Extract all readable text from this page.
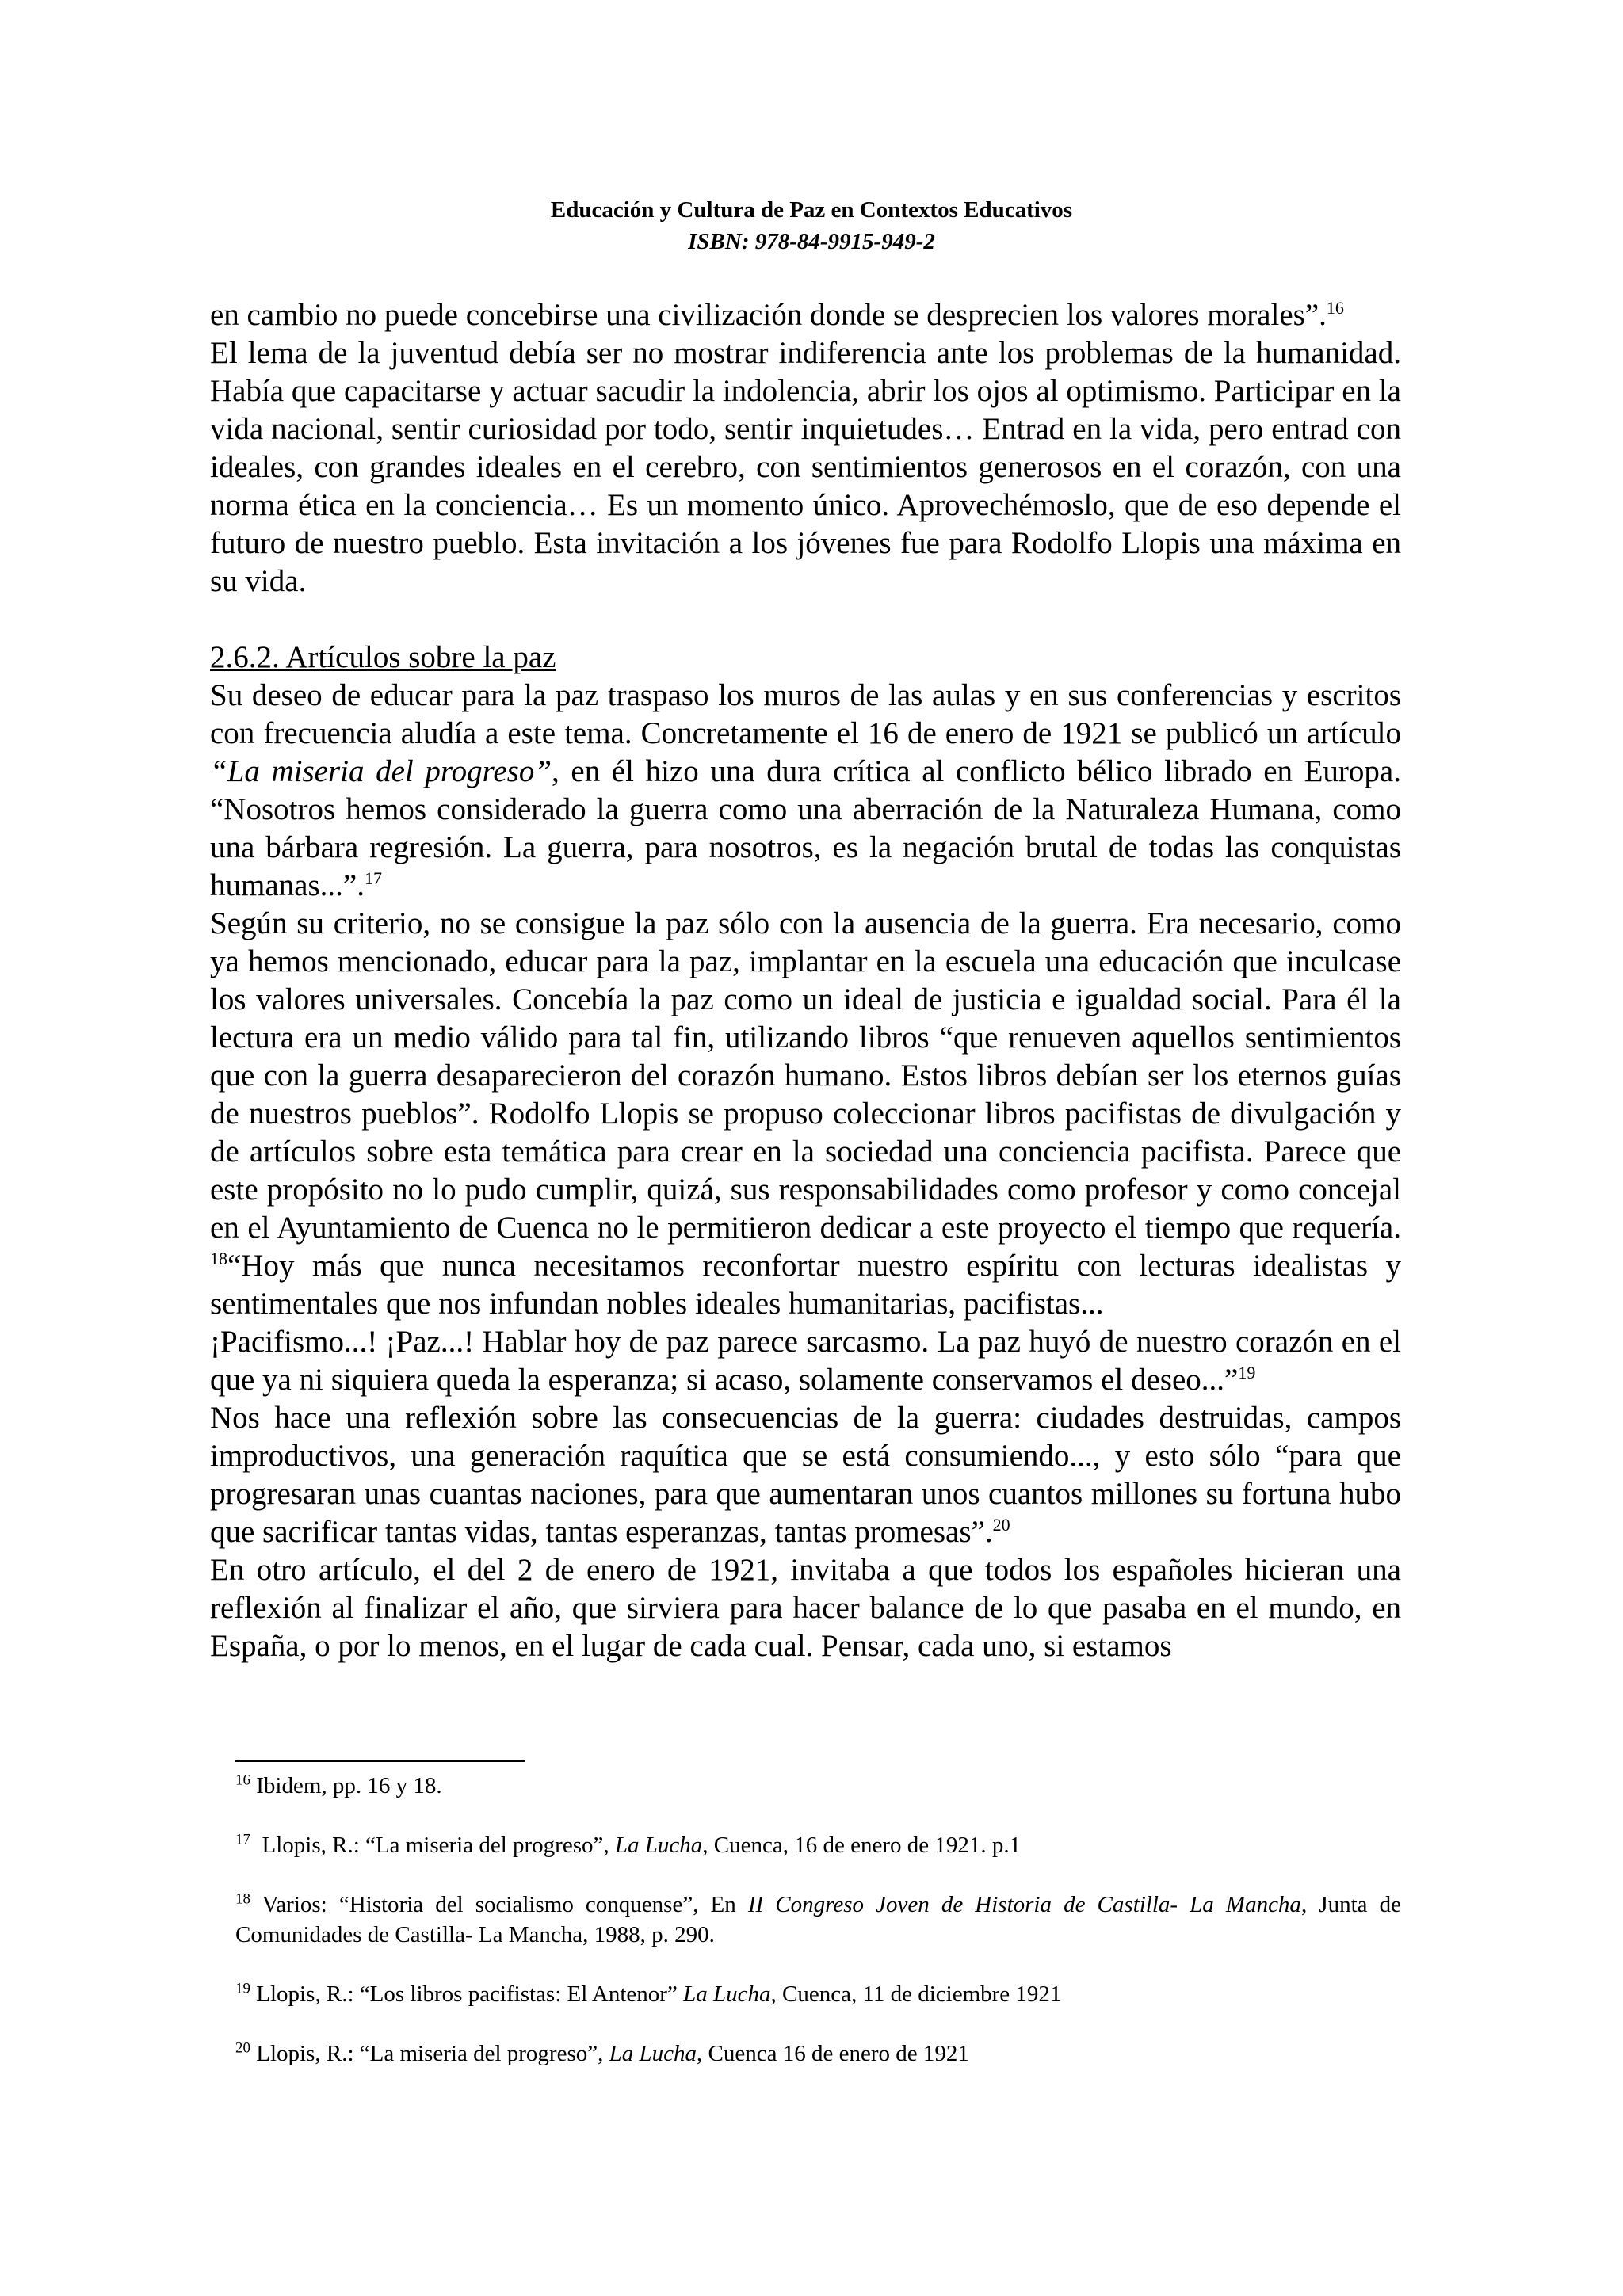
Educación y Cultura de Paz en Contextos Educativos
ISBN: 978-84-9915-949-2

en cambio no puede concebirse una civilización donde se desprecien los valores morales”.$^{16}$

El lema de la juventud debía ser no mostrar indiferencia ante los problemas de la humanidad. Había que capacitarse y actuar sacudir la indolencia, abrir los ojos al optimismo. Participar en la vida nacional, sentir curiosidad por todo, sentir inquietudes… Entrad en la vida, pero entrad con ideales, con grandes ideales en el cerebro, con sentimientos generosos en el corazón, con una norma ética en la conciencia… Es un momento único. Aprovechémoslo, que de eso depende el futuro de nuestro pueblo. Esta invitación a los jóvenes fue para Rodolfo Llopis una máxima en su vida.

2.6.2. Artículos sobre la paz

Su deseo de educar para la paz traspaso los muros de las aulas y en sus conferencias y escritos con frecuencia aludía a este tema. Concretamente el 16 de enero de 1921 se publicó un artículo “La miseria del progreso”, en él hizo una dura crítica al conflicto bélico librado en Europa. “Nosotros hemos considerado la guerra como una aberración de la Naturaleza Humana, como una bárbara regresión. La guerra, para nosotros, es la negación brutal de todas las conquistas humanas...”.$^{17}$

Según su criterio, no se consigue la paz sólo con la ausencia de la guerra. Era necesario, como ya hemos mencionado, educar para la paz, implantar en la escuela una educación que inculcase los valores universales. Concebía la paz como un ideal de justicia e igualdad social. Para él la lectura era un medio válido para tal fin, utilizando libros “que renueven aquellos sentimientos que con la guerra desaparecieron del corazón humano. Estos libros debían ser los eternos guías de nuestros pueblos”. Rodolfo Llopis se propuso coleccionar libros pacifistas de divulgación y de artículos sobre esta temática para crear en la sociedad una conciencia pacifista. Parece que este propósito no lo pudo cumplir, quizá, sus responsabilidades como profesor y como concejal en el Ayuntamiento de Cuenca no le permitieron dedicar a este proyecto el tiempo que requería. $^{18}$“Hoy más que nunca necesitamos reconfortar nuestro espíritu con lecturas idealistas y sentimentales que nos infundan nobles ideales humanitarias, pacifistas...

¡Pacifismo...! ¡Paz...! Hablar hoy de paz parece sarcasmo. La paz huyó de nuestro corazón en el que ya ni siquiera queda la esperanza; si acaso, solamente conservamos el deseo...”$^{19}$

Nos hace una reflexión sobre las consecuencias de la guerra: ciudades destruidas, campos improductivos, una generación raquítica que se está consumiendo..., y esto sólo “para que progresaran unas cuantas naciones, para que aumentaran unos cuantos millones su fortuna hubo que sacrificar tantas vidas, tantas esperanzas, tantas promesas”.$^{20}$

En otro artículo, el del 2 de enero de 1921, invitaba a que todos los españoles hicieran una reflexión al finalizar el año, que sirviera para hacer balance de lo que pasaba en el mundo, en España, o por lo menos, en el lugar de cada cual. Pensar, cada uno, si estamos

$^{16}$ Ibidem, pp. 16 y 18.

$^{17}$  Llopis, R.: “La miseria del progreso”, La Lucha, Cuenca, 16 de enero de 1921. p.1

$^{18}$ Varios: “Historia del socialismo conquense”, En II Congreso Joven de Historia de Castilla- La Mancha, Junta de Comunidades de Castilla- La Mancha, 1988, p. 290.

$^{19}$ Llopis, R.: “Los libros pacifistas: El Antenor” La Lucha, Cuenca, 11 de diciembre 1921

$^{20}$ Llopis, R.: “La miseria del progreso”, La Lucha, Cuenca 16 de enero de 1921
